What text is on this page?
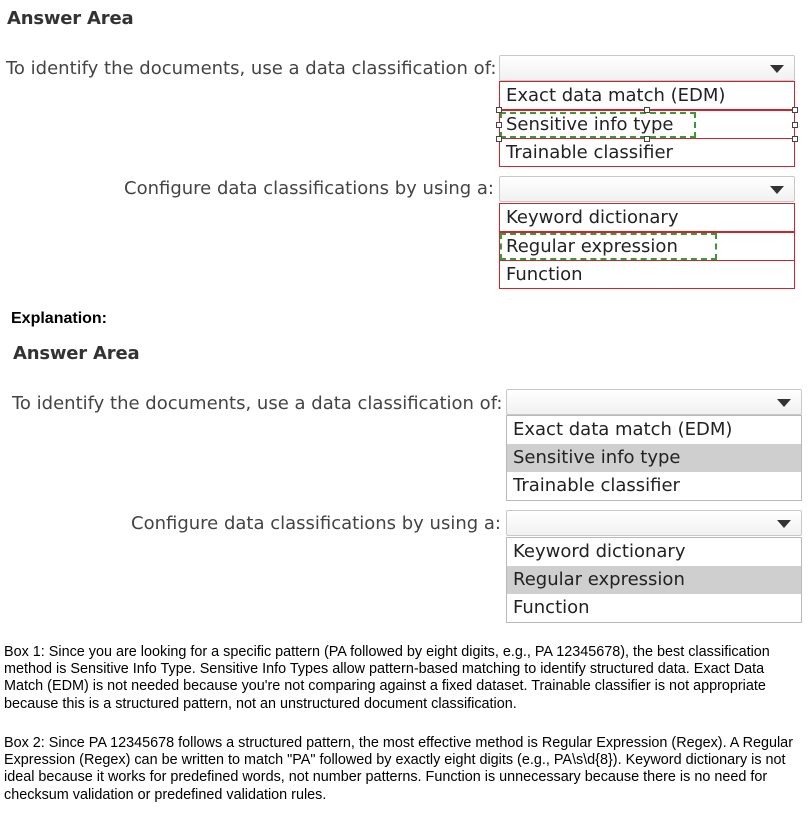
Answer Area
To identify the documents, use a data classification of:
Exact data match (EDM)
Sensitive info type
Trainable classifier
Configure data classifications by using a:
Keyword dictionary
Regular expression
Function
Explanation:
Answer Area
To identify the documents, use a data classification of:
Exact data match (EDM)
Sensitive info type
Trainable classifier
Configure data classifications by using a:
Keyword dictionary
Regular expression
Function
Box 1: Since you are looking for a specific pattern (PA followed by eight digits, e.g., PA 12345678), the best classification method is Sensitive Info Type. Sensitive Info Types allow pattern-based matching to identify structured data. Exact Data Match (EDM) is not needed because you're not comparing against a fixed dataset. Trainable classifier is not appropriate because this is a structured pattern, not an unstructured document classification.
Box 2: Since PA 12345678 follows a structured pattern, the most effective method is Regular Expression (Regex). A Regular Expression (Regex) can be written to match "PA" followed by exactly eight digits (e.g., PA\s\d{8}). Keyword dictionary is not ideal because it works for predefined words, not number patterns. Function is unnecessary because there is no need for checksum validation or predefined validation rules.
